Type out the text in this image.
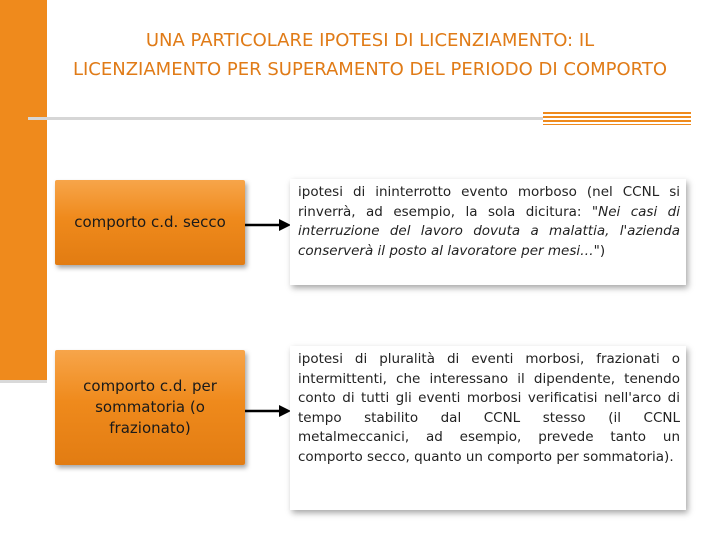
UNA PARTICOLARE IPOTESI DI LICENZIAMENTO: IL LICENZIAMENTO PER SUPERAMENTO DEL PERIODO DI COMPORTO
comporto c.d. secco
ipotesi di ininterrotto evento morboso (nel CCNL si rinverrà, ad esempio, la sola dicitura: "Nei casi di interruzione del lavoro dovuta a malattia, l'azienda conserverà il posto al lavoratore per mesi…")
comporto c.d. per sommatoria (o frazionato)
ipotesi di pluralità di eventi morbosi, frazionati o intermittenti, che interessano il dipendente, tenendo conto di tutti gli eventi morbosi verificatisi nell'arco di tempo stabilito dal CCNL stesso (il CCNL metalmeccanici, ad esempio, prevede tanto un comporto secco, quanto un comporto per sommatoria).
